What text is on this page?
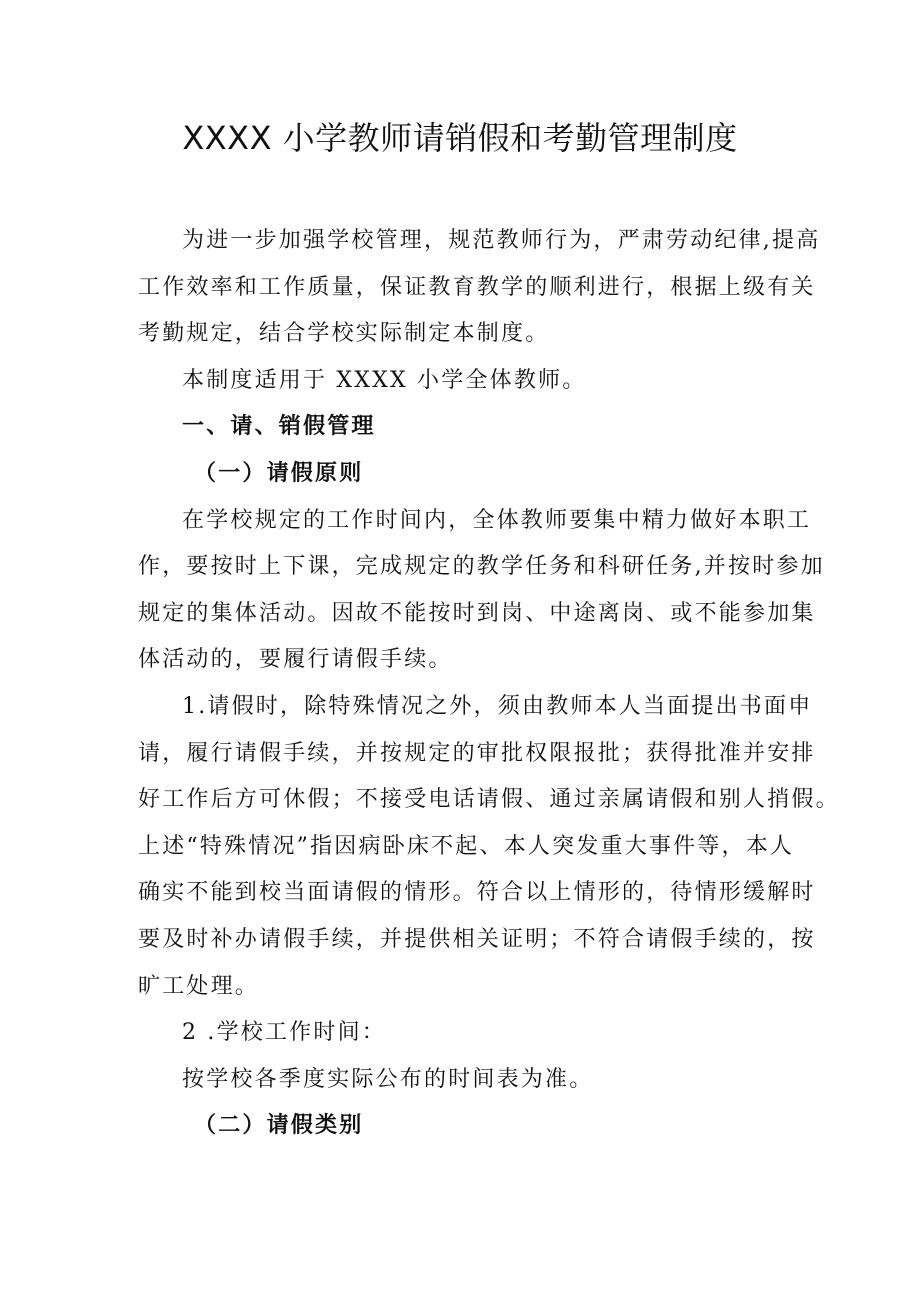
XXXX 小学教师请销假和考勤管理制度

为进一步加强学校管理，规范教师行为，严肃劳动纪律,提高

工作效率和工作质量，保证教育教学的顺利进行，根据上级有关
考勤规定，结合学校实际制定本制度。

本制度适用于 XXXX 小学全体教师。

一、请、销假管理

（一）请假原则

在学校规定的工作时间内，全体教师要集中精力做好本职工

作，要按时上下课，完成规定的教学任务和科研任务,并按时参加
规定的集体活动。因故不能按时到岗、中途离岗、或不能参加集
体活动的，要履行请假手续。

1.请假时，除特殊情况之外，须由教师本人当面提出书面申

请，履行请假手续，并按规定的审批权限报批；获得批准并安排
好工作后方可休假；不接受电话请假、通过亲属请假和别人捎假。
上述“特殊情况”指因病卧床不起、本人突发重大事件等，本人
确实不能到校当面请假的情形。符合以上情形的，待情形缓解时
要及时补办请假手续，并提供相关证明；不符合请假手续的，按
旷工处理。

2 .学校工作时间：

按学校各季度实际公布的时间表为准。

（二）请假类别
